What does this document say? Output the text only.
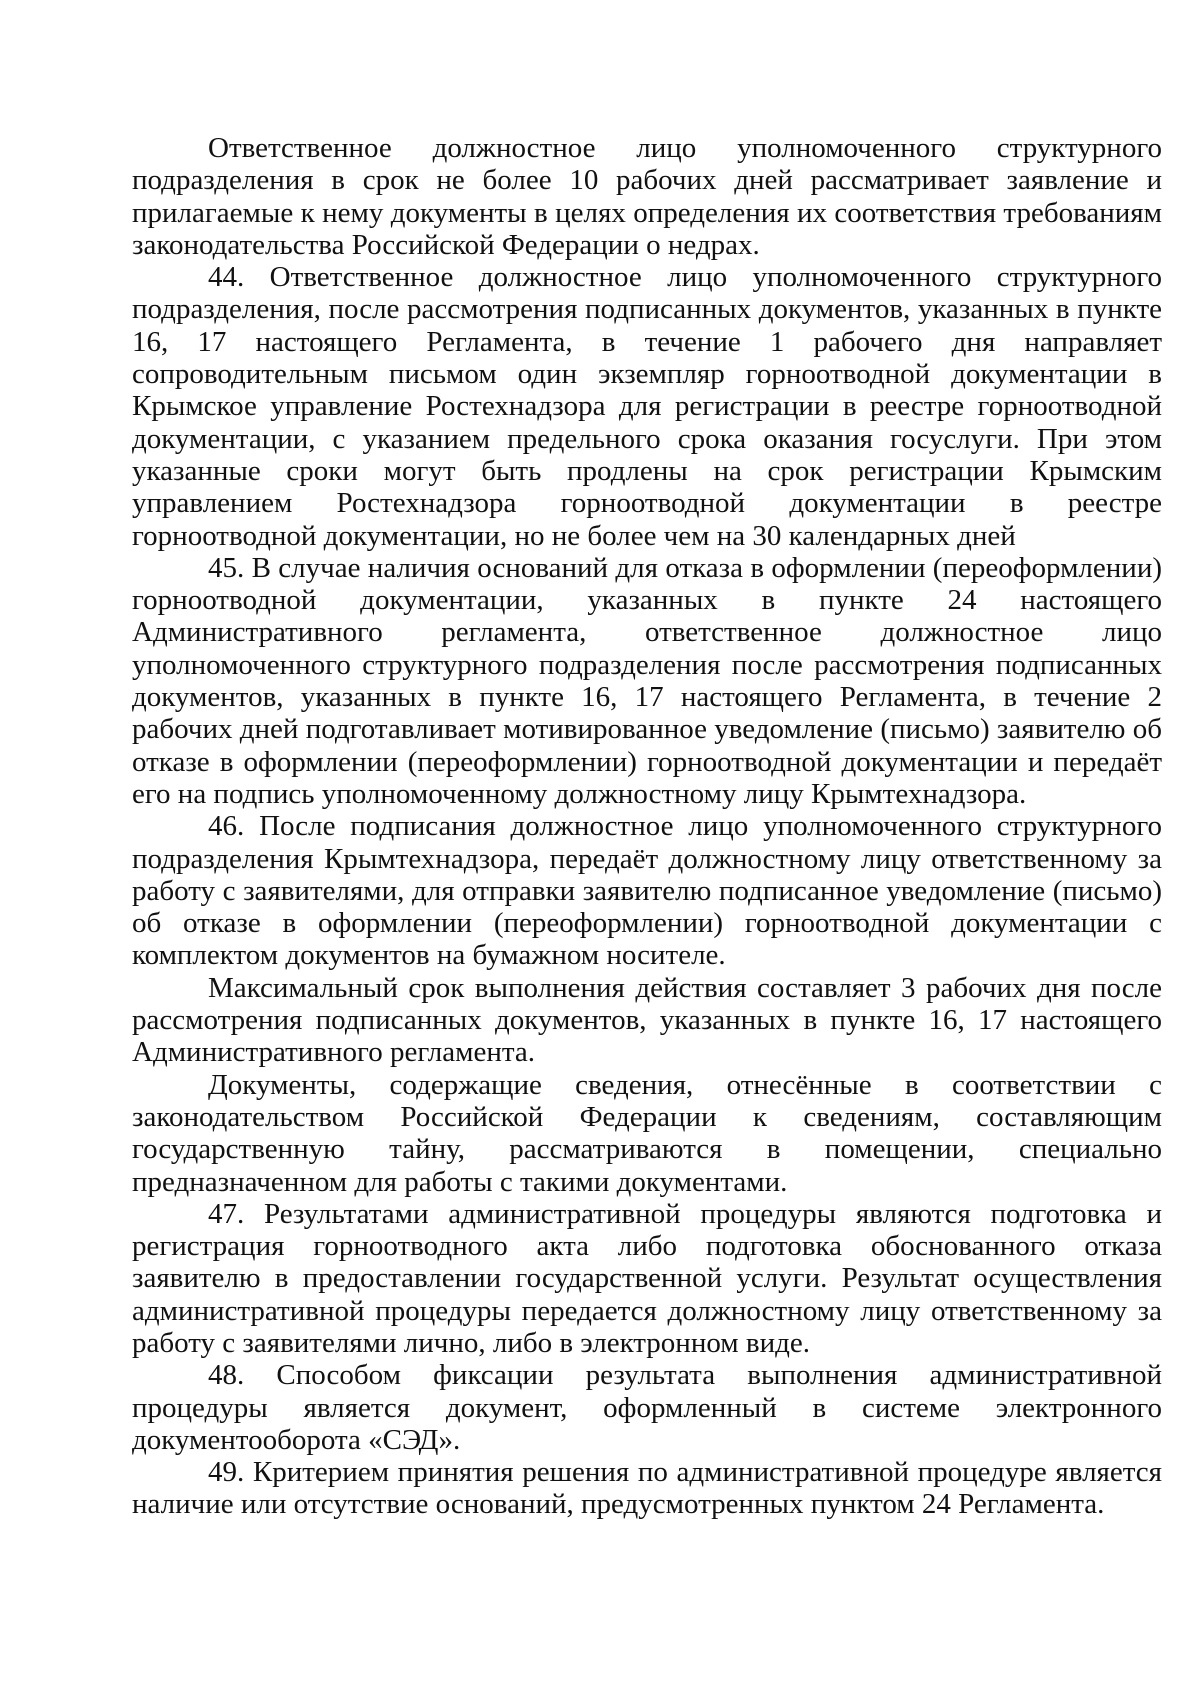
Ответственное должностное лицо уполномоченного структурного подразделения в срок не более 10 рабочих дней рассматривает заявление и прилагаемые к нему документы в целях определения их соответствия требованиям законодательства Российской Федерации о недрах.

44. Ответственное должностное лицо уполномоченного структурного подразделения, после рассмотрения подписанных документов, указанных в пункте 16, 17 настоящего Регламента, в течение 1 рабочего дня направляет сопроводительным письмом один экземпляр горноотводной документации в Крымское управление Ростехнадзора для регистрации в реестре горноотводной документации, с указанием предельного срока оказания госуслуги. При этом указанные сроки могут быть продлены на срок регистрации Крымским управлением Ростехнадзора горноотводной документации в реестре горноотводной документации, но не более чем на 30 календарных дней

45. В случае наличия оснований для отказа в оформлении (переоформлении) горноотводной документации, указанных в пункте 24 настоящего Административного регламента, ответственное должностное лицо уполномоченного структурного подразделения после рассмотрения подписанных документов, указанных в пункте 16, 17 настоящего Регламента, в течение 2 рабочих дней подготавливает мотивированное уведомление (письмо) заявителю об отказе в оформлении (переоформлении) горноотводной документации и передаёт его на подпись уполномоченному должностному лицу Крымтехнадзора.

46. После подписания должностное лицо уполномоченного структурного подразделения Крымтехнадзора, передаёт должностному лицу ответственному за работу с заявителями, для отправки заявителю подписанное уведомление (письмо) об отказе в оформлении (переоформлении) горноотводной документации с комплектом документов на бумажном носителе.

Максимальный срок выполнения действия составляет 3 рабочих дня после рассмотрения подписанных документов, указанных в пункте 16, 17 настоящего Административного регламента.

Документы, содержащие сведения, отнесённые в соответствии с законодательством Российской Федерации к сведениям, составляющим государственную тайну, рассматриваются в помещении, специально предназначенном для работы с такими документами.

47. Результатами административной процедуры являются подготовка и регистрация горноотводного акта либо подготовка обоснованного отказа заявителю в предоставлении государственной услуги. Результат осуществления административной процедуры передается должностному лицу ответственному за работу с заявителями лично, либо в электронном виде.

48. Способом фиксации результата выполнения административной процедуры является документ, оформленный в системе электронного документооборота «СЭД».

49. Критерием принятия решения по административной процедуре является наличие или отсутствие оснований, предусмотренных пунктом 24 Регламента.
